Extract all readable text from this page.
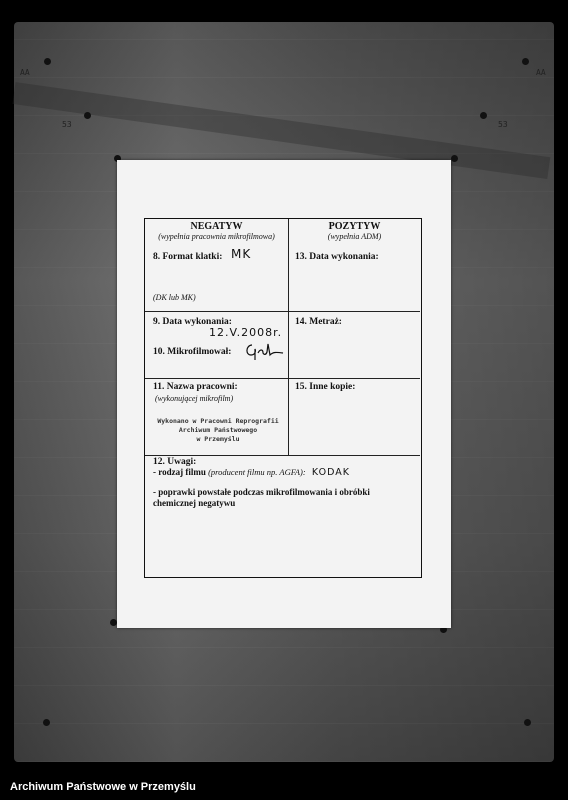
AA	AA
53	53
NEGATYW
(wypełnia pracownia mikrofilmowa)
8. Format klatki: MK
(DK lub MK)
POZYTYW
(wypełnia ADM)
13. Data wykonania:
9. Data wykonania:
12.V.2008r.
10. Mikrofilmował:
14. Metraż:
11. Nazwa pracowni:
(wykonującej mikrofilm)
Wykonano w Pracowni Reprografii
Archiwum Państwowego
w Przemyślu
15. Inne kopie:
12. Uwagi:
- rodzaj filmu (producent filmu np. AGFA): KODAK
- poprawki powstałe podczas mikrofilmowania i obróbki chemicznej negatywu
Archiwum Państwowe w Przemyślu
